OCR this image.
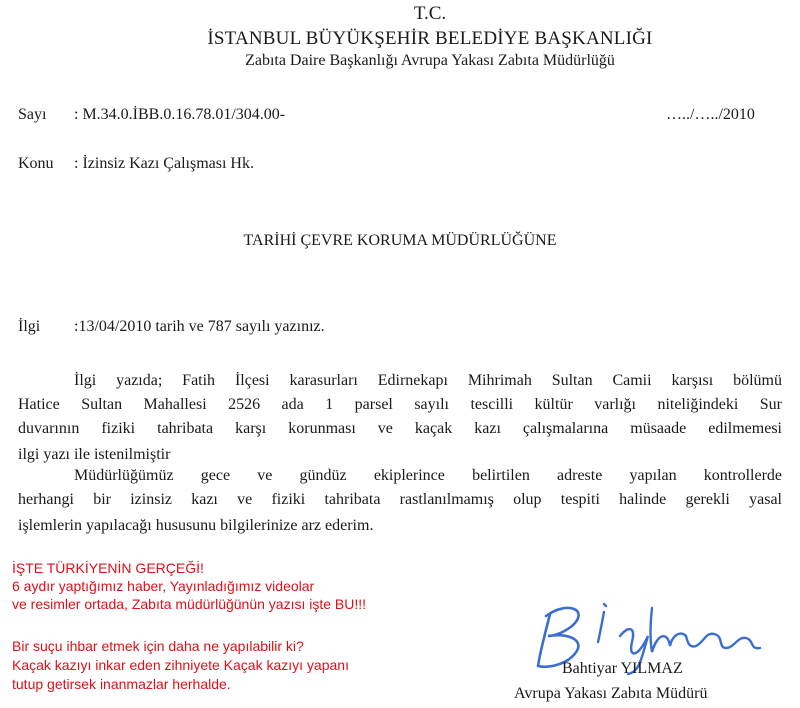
T.C.
İSTANBUL BÜYÜKŞEHİR BELEDİYE BAŞKANLIĞI
Zabıta Daire Başkanlığı Avrupa Yakası Zabıta Müdürlüğü
Sayı : M.34.0.İBB.0.16.78.01/304.00-	…../…../2010
Konu : İzinsiz Kazı Çalışması Hk.
TARİHİ ÇEVRE KORUMA MÜDÜRLÜĞÜNE
İlgi :13/04/2010 tarih ve 787 sayılı yazınız.
İlgi yazıda; Fatih İlçesi karasurları Edirnekapı Mihrimah Sultan Camii karşısı bölümü
Hatice Sultan Mahallesi 2526 ada 1 parsel sayılı tescilli kültür varlığı niteliğindeki Sur
duvarının fiziki tahribata karşı korunması ve kaçak kazı çalışmalarına müsaade edilmemesi
ilgi yazı ile istenilmiştir
Müdürlüğümüz gece ve gündüz ekiplerince belirtilen adreste yapılan kontrollerde
herhangi bir izinsiz kazı ve fiziki tahribata rastlanılmamış olup tespiti halinde gerekli yasal
işlemlerin yapılacağı hususunu bilgilerinize arz ederim.
İŞTE TÜRKİYENİN GERÇEĞİ!
6 aydır yaptığımız haber, Yayınladığımız videolar
ve resimler ortada, Zabıta müdürlüğünün yazısı işte BU!!!
Bir suçu ihbar etmek için daha ne yapılabilir ki?
Kaçak kazıyı inkar eden zihniyete Kaçak kazıyı yapanı
tutup getirsek inanmazlar herhalde.
Bahtiyar YILMAZ
Avrupa Yakası Zabıta Müdürü
